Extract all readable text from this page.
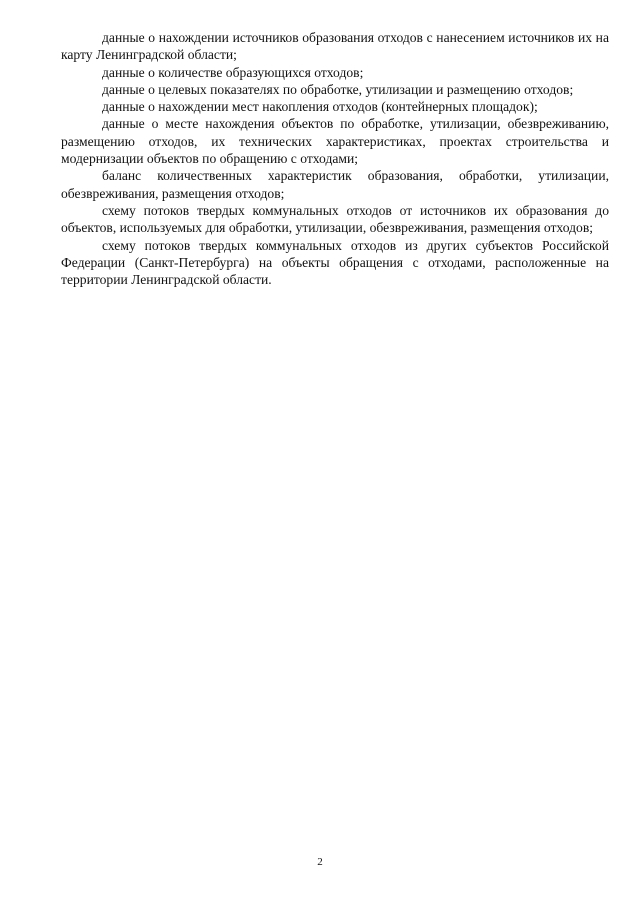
данные о нахождении источников образования отходов с нанесением источников их на карту Ленинградской области;

данные о количестве образующихся отходов;

данные о целевых показателях по обработке, утилизации и размещению отходов;

данные о нахождении мест накопления отходов (контейнерных площадок);

данные о месте нахождения объектов по обработке, утилизации, обезвреживанию, размещению отходов, их технических характеристиках, проектах строительства и модернизации объектов по обращению с отходами;

баланс количественных характеристик образования, обработки, утилизации, обезвреживания, размещения отходов;

схему потоков твердых коммунальных отходов от источников их образования до объектов, используемых для обработки, утилизации, обезвреживания, размещения отходов;

схему потоков твердых коммунальных отходов из других субъектов Российской Федерации (Санкт-Петербурга) на объекты обращения с отходами, расположенные на территории Ленинградской области.

2
